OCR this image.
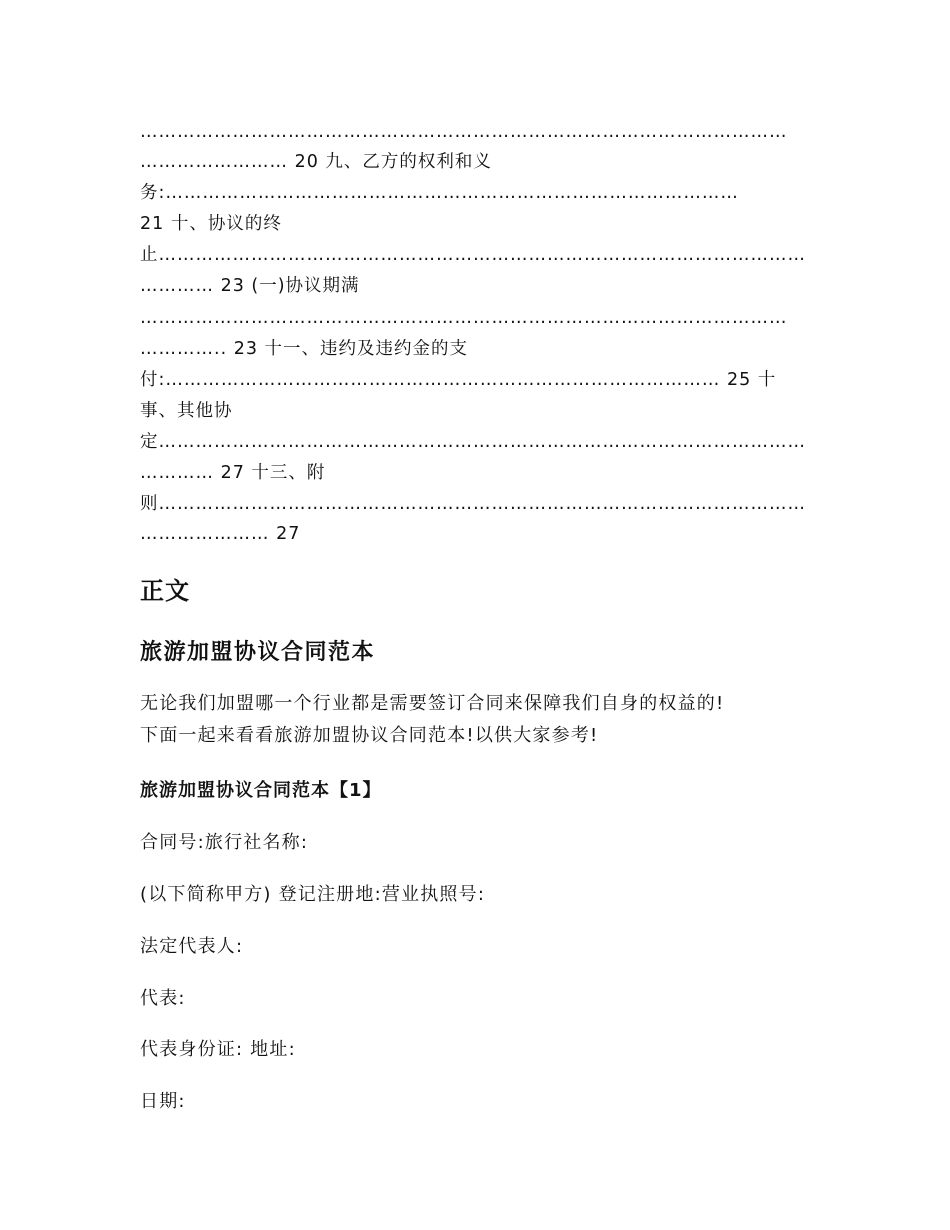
……………………………………………………………………………………………
…………………… 20 九、乙方的权利和义
务:…………………………………………………………………………………
21 十、协议的终
止……………………………………………………………………………………………
………… 23 (一)协议期满
……………………………………………………………………………………………
………….. 23 十一、违约及违约金的支
付:……………………………………………………………………………… 25 十
事、其他协
定……………………………………………………………………………………………
………… 27 十三、附
则……………………………………………………………………………………………
………………… 27
正文
旅游加盟协议合同范本
无论我们加盟哪一个行业都是需要签订合同来保障我们自身的权益的!
下面一起来看看旅游加盟协议合同范本!以供大家参考!
旅游加盟协议合同范本【1】
合同号:旅行社名称:
(以下简称甲方) 登记注册地:营业执照号:
法定代表人:
代表:
代表身份证: 地址:
日期:
